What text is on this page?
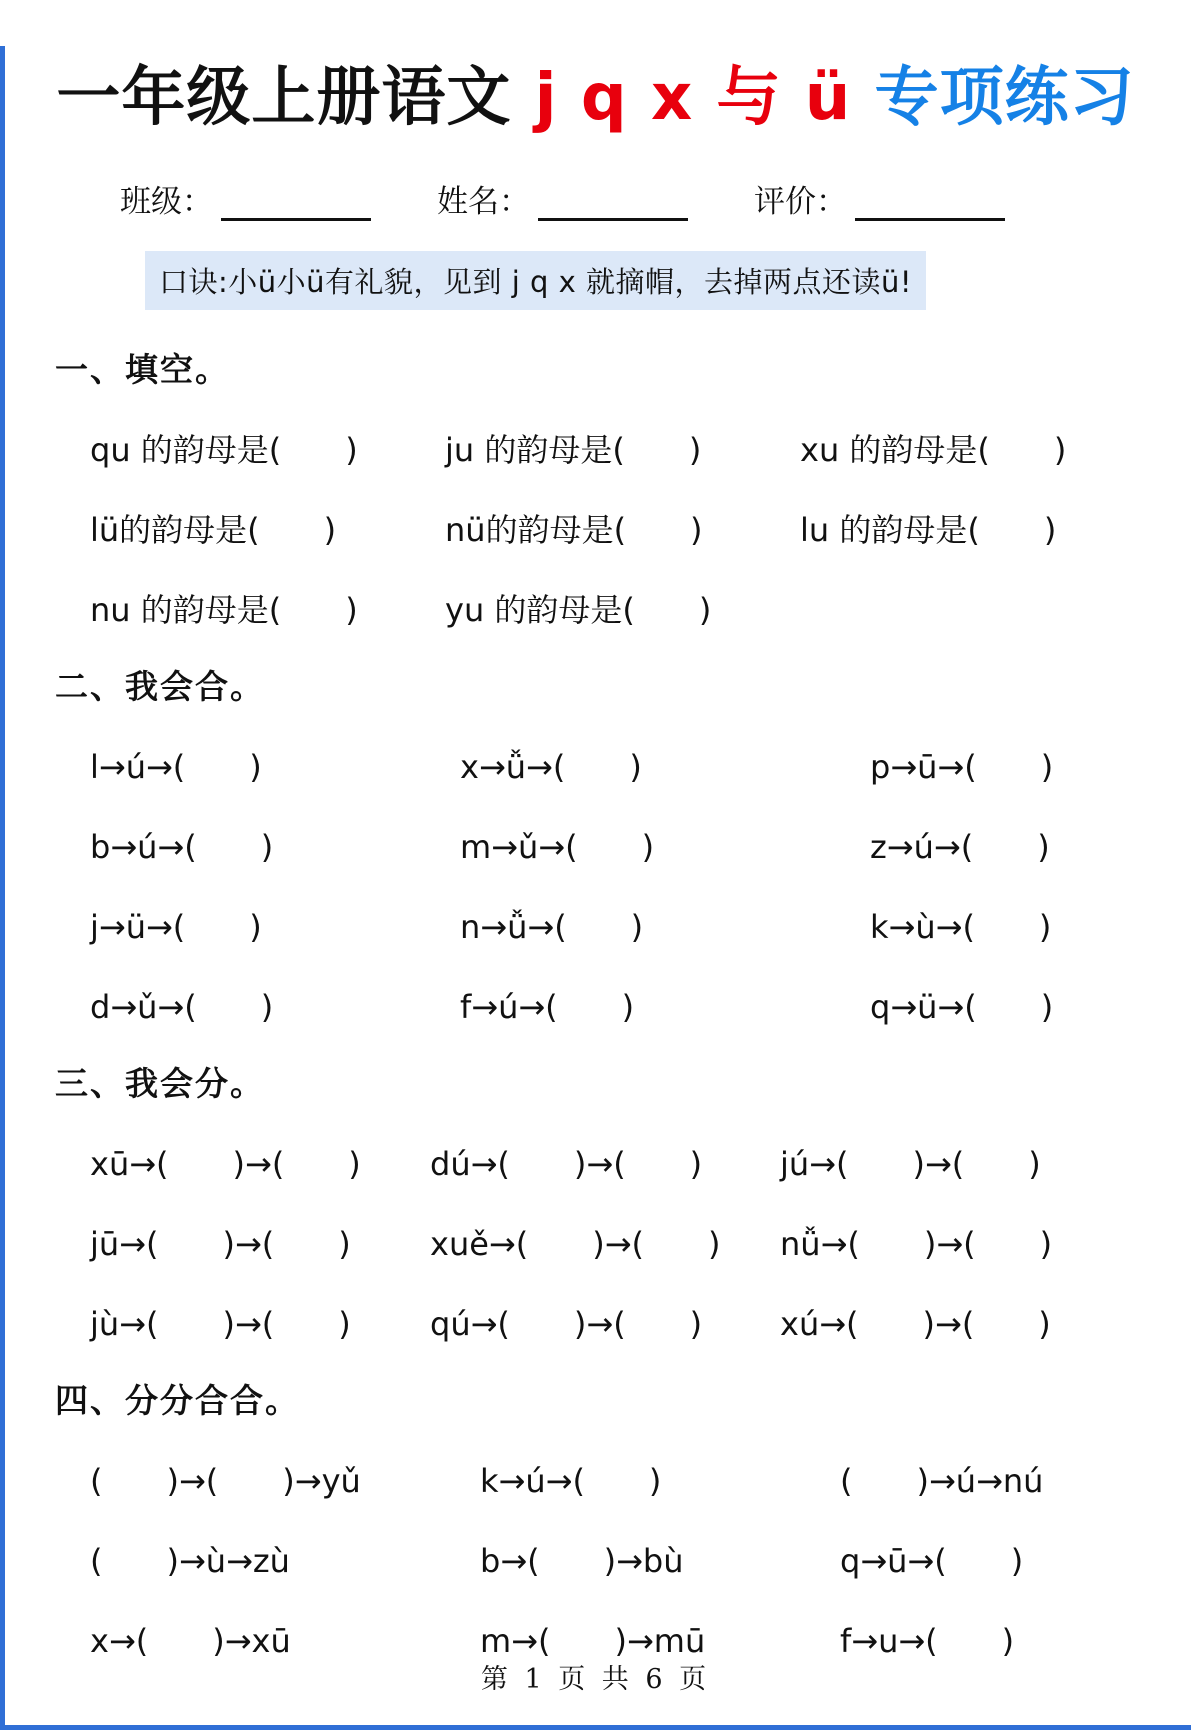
一年级上册语文 j q x 与 ü 专项练习
班级：	姓名：	评价：
口诀:小ü小ü有礼貌，见到 j q x 就摘帽，去掉两点还读ü!
一、填空。
qu 的韵母是(　　)	ju 的韵母是(　　)	xu 的韵母是(　　)
lü的韵母是(　　)	nü的韵母是(　　)	lu 的韵母是(　　)
nu 的韵母是(　　)	yu 的韵母是(　　)
二、我会合。
l→ú→(　　)	x→ǚ→(　　)	p→ū→(　　)
b→ú→(　　)	m→ǔ→(　　)	z→ú→(　　)
j→ü→(　　)	n→ǚ→(　　)	k→ù→(　　)
d→ǔ→(　　)	f→ú→(　　)	q→ü→(　　)
三、我会分。
xū→(　　)→(　　)	dú→(　　)→(　　)	jú→(　　)→(　　)
jū→(　　)→(　　)	xuě→(　　)→(　　)	nǚ→(　　)→(　　)
jù→(　　)→(　　)	qú→(　　)→(　　)	xú→(　　)→(　　)
四、分分合合。
(　　)→(　　)→yǔ	k→ú→(　　)	(　　)→ú→nú
(　　)→ù→zù	b→(　　)→bù	q→ū→(　　)
x→(　　)→xū	m→(　　)→mū	f→u→(　　)
第 1 页 共 6 页
